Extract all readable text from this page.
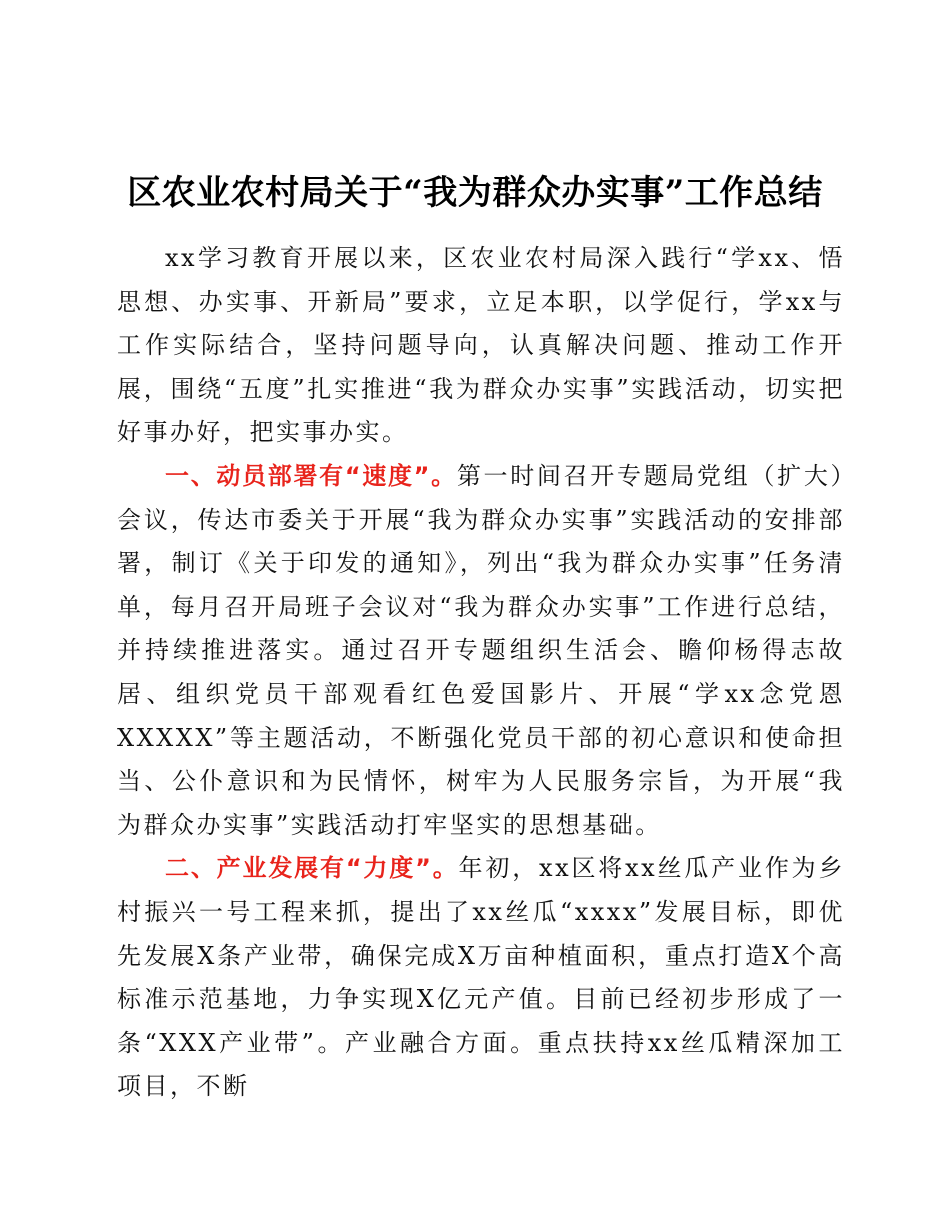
区农业农村局关于“我为群众办实事”工作总结

xx学习教育开展以来，区农业农村局深入践行“学xx、悟思想、办实事、开新局”要求，立足本职，以学促行，学xx与工作实际结合，坚持问题导向，认真解决问题、推动工作开展，围绕“五度”扎实推进“我为群众办实事”实践活动，切实把好事办好，把实事办实。

一、动员部署有“速度”。第一时间召开专题局党组（扩大）会议，传达市委关于开展“我为群众办实事”实践活动的安排部署，制订《关于印发的通知》，列出“我为群众办实事”任务清单，每月召开局班子会议对“我为群众办实事”工作进行总结，并持续推进落实。通过召开专题组织生活会、瞻仰杨得志故居、组织党员干部观看红色爱国影片、开展“学xx念党恩XXXXX”等主题活动，不断强化党员干部的初心意识和使命担当、公仆意识和为民情怀，树牢为人民服务宗旨，为开展“我为群众办实事”实践活动打牢坚实的思想基础。

二、产业发展有“力度”。年初，xx区将xx丝瓜产业作为乡村振兴一号工程来抓，提出了xx丝瓜“xxxx”发展目标，即优先发展X条产业带，确保完成X万亩种植面积，重点打造X个高标准示范基地，力争实现X亿元产值。目前已经初步形成了一条“XXX产业带”。产业融合方面。重点扶持xx丝瓜精深加工项目，不断
